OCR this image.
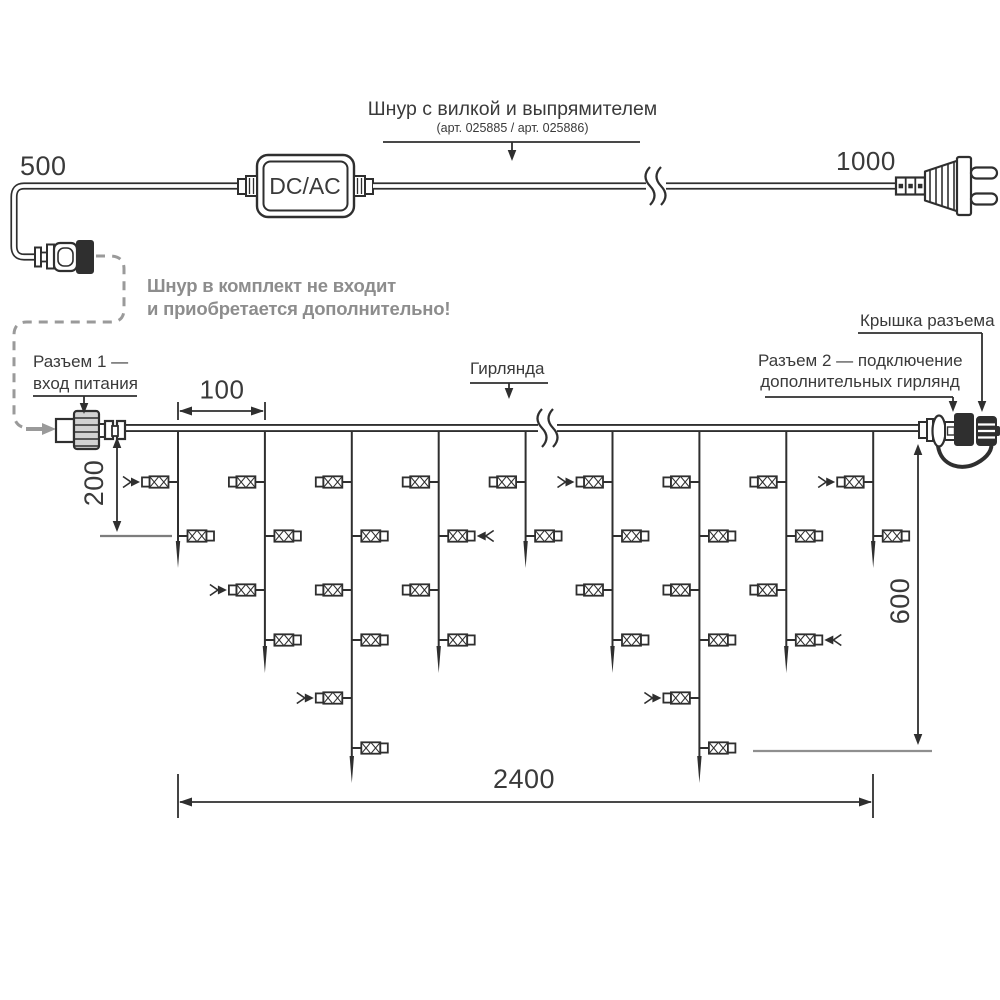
500	1000
Шнур с вилкой и выпрямителем
(арт. 025885 / арт. 025886)
DC/AC
Шнур в комплект не входит
и приобретается дополнительно!
Разъем 1 —
вход питания
Гирлянда	Разъем 2 — подключение
дополнительных гирлянд
Крышка разъема
100
200
600
2400
